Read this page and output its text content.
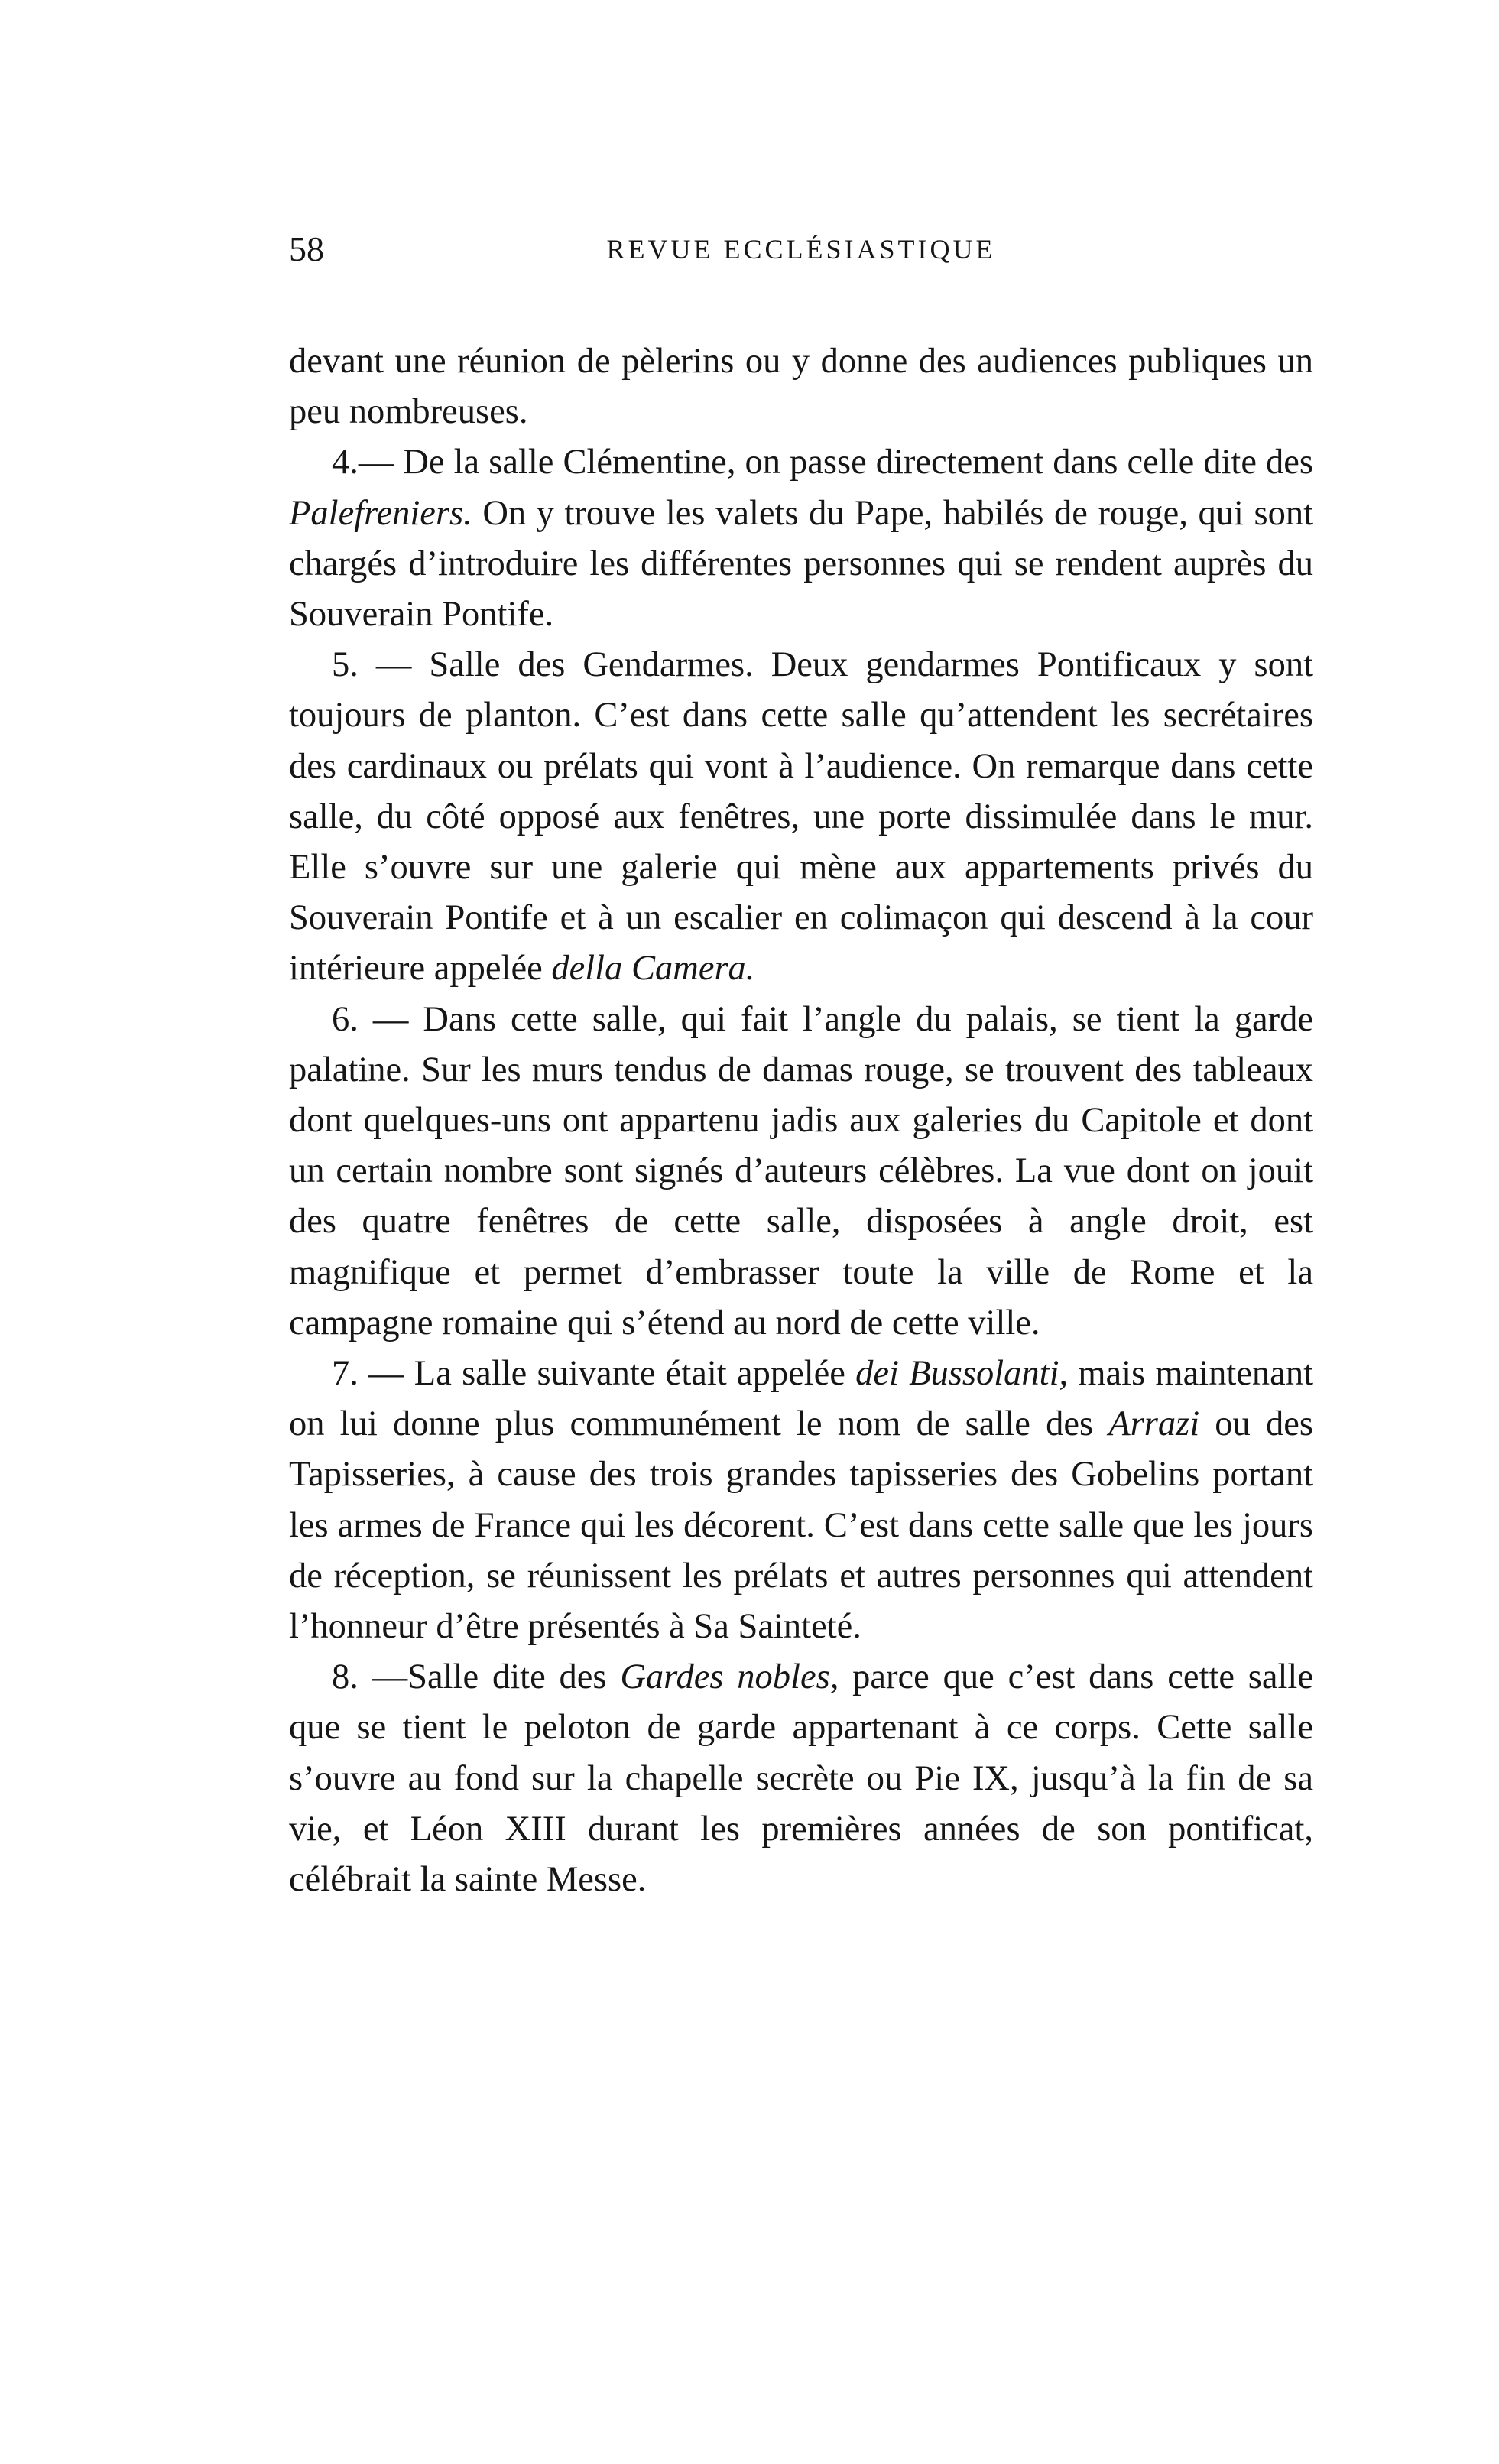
58	REVUE ECCLÉSIASTIQUE

devant une réunion de pèlerins ou y donne des audiences publiques un peu nombreuses.

4.— De la salle Clémentine, on passe directement dans celle dite des Palefreniers. On y trouve les valets du Pape, habilés de rouge, qui sont chargés d’introduire les différentes personnes qui se rendent auprès du Souverain Pontife.

5. — Salle des Gendarmes. Deux gendarmes Pontificaux y sont toujours de planton. C’est dans cette salle qu’attendent les secrétaires des cardinaux ou prélats qui vont à l’audience. On remarque dans cette salle, du côté opposé aux fenêtres, une porte dissimulée dans le mur. Elle s’ouvre sur une galerie qui mène aux appartements privés du Souverain Pontife et à un escalier en colimaçon qui descend à la cour intérieure appelée della Camera.

6. — Dans cette salle, qui fait l’angle du palais, se tient la garde palatine. Sur les murs tendus de damas rouge, se trouvent des tableaux dont quelques-uns ont appartenu jadis aux galeries du Capitole et dont un certain nombre sont signés d’auteurs célèbres. La vue dont on jouit des quatre fenêtres de cette salle, disposées à angle droit, est magnifique et permet d’embrasser toute la ville de Rome et la campagne romaine qui s’étend au nord de cette ville.

7. — La salle suivante était appelée dei Bussolanti, mais maintenant on lui donne plus communément le nom de salle des Arrazi ou des Tapisseries, à cause des trois grandes tapisseries des Gobelins portant les armes de France qui les décorent. C’est dans cette salle que les jours de réception, se réunissent les prélats et autres personnes qui attendent l’honneur d’être présentés à Sa Sainteté.

8. —Salle dite des Gardes nobles, parce que c’est dans cette salle que se tient le peloton de garde appartenant à ce corps. Cette salle s’ouvre au fond sur la chapelle secrète ou Pie IX, jusqu’à la fin de sa vie, et Léon XIII durant les premières années de son pontificat, célébrait la sainte Messe.
